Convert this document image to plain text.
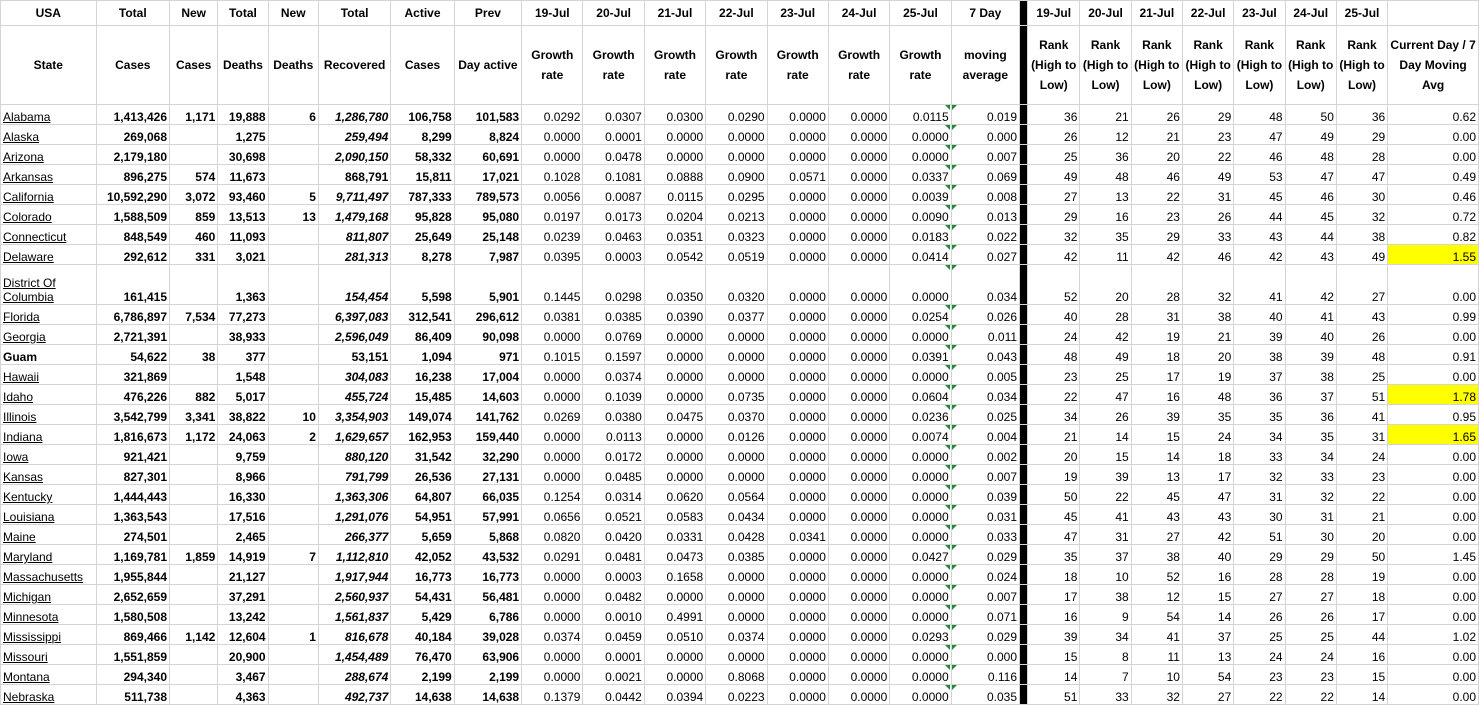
USA	Total	New	Total	New	Total	Active	Prev	19-Jul	20-Jul	21-Jul	22-Jul	23-Jul	24-Jul	25-Jul	7 Day		19-Jul	20-Jul	21-Jul	22-Jul	23-Jul	24-Jul	25-Jul	
State	Cases	Cases	Deaths	Deaths	Recovered	Cases	Day active	Growth rate	Growth rate	Growth rate	Growth rate	Growth rate	Growth rate	Growth rate	moving average		Rank (High to Low)	Rank (High to Low)	Rank (High to Low)	Rank (High to Low)	Rank (High to Low)	Rank (High to Low)	Rank (High to Low)	Current Day / 7 Day Moving Avg
Alabama	1,413,426	1,171	19,888	6	1,286,780	106,758	101,583	0.0292	0.0307	0.0300	0.0290	0.0000	0.0000	0.0115	0.019		36	21	26	29	48	50	36	0.62
Alaska	269,068		1,275		259,494	8,299	8,824	0.0000	0.0001	0.0000	0.0000	0.0000	0.0000	0.0000	0.000		26	12	21	23	47	49	29	0.00
Arizona	2,179,180		30,698		2,090,150	58,332	60,691	0.0000	0.0478	0.0000	0.0000	0.0000	0.0000	0.0000	0.007		25	36	20	22	46	48	28	0.00
Arkansas	896,275	574	11,673		868,791	15,811	17,021	0.1028	0.1081	0.0888	0.0900	0.0571	0.0000	0.0337	0.069		49	48	46	49	53	47	47	0.49
California	10,592,290	3,072	93,460	5	9,711,497	787,333	789,573	0.0056	0.0087	0.0115	0.0295	0.0000	0.0000	0.0039	0.008		27	13	22	31	45	46	30	0.46
Colorado	1,588,509	859	13,513	13	1,479,168	95,828	95,080	0.0197	0.0173	0.0204	0.0213	0.0000	0.0000	0.0090	0.013		29	16	23	26	44	45	32	0.72
Connecticut	848,549	460	11,093		811,807	25,649	25,148	0.0239	0.0463	0.0351	0.0323	0.0000	0.0000	0.0183	0.022		32	35	29	33	43	44	38	0.82
Delaware	292,612	331	3,021		281,313	8,278	7,987	0.0395	0.0003	0.0542	0.0519	0.0000	0.0000	0.0414	0.027		42	11	42	46	42	43	49	1.55
District Of Columbia	161,415		1,363		154,454	5,598	5,901	0.1445	0.0298	0.0350	0.0320	0.0000	0.0000	0.0000	0.034		52	20	28	32	41	42	27	0.00
Florida	6,786,897	7,534	77,273		6,397,083	312,541	296,612	0.0381	0.0385	0.0390	0.0377	0.0000	0.0000	0.0254	0.026		40	28	31	38	40	41	43	0.99
Georgia	2,721,391		38,933		2,596,049	86,409	90,098	0.0000	0.0769	0.0000	0.0000	0.0000	0.0000	0.0000	0.011		24	42	19	21	39	40	26	0.00
Guam	54,622	38	377		53,151	1,094	971	0.1015	0.1597	0.0000	0.0000	0.0000	0.0000	0.0391	0.043		48	49	18	20	38	39	48	0.91
Hawaii	321,869		1,548		304,083	16,238	17,004	0.0000	0.0374	0.0000	0.0000	0.0000	0.0000	0.0000	0.005		23	25	17	19	37	38	25	0.00
Idaho	476,226	882	5,017		455,724	15,485	14,603	0.0000	0.1039	0.0000	0.0735	0.0000	0.0000	0.0604	0.034		22	47	16	48	36	37	51	1.78
Illinois	3,542,799	3,341	38,822	10	3,354,903	149,074	141,762	0.0269	0.0380	0.0475	0.0370	0.0000	0.0000	0.0236	0.025		34	26	39	35	35	36	41	0.95
Indiana	1,816,673	1,172	24,063	2	1,629,657	162,953	159,440	0.0000	0.0113	0.0000	0.0126	0.0000	0.0000	0.0074	0.004		21	14	15	24	34	35	31	1.65
Iowa	921,421		9,759		880,120	31,542	32,290	0.0000	0.0172	0.0000	0.0000	0.0000	0.0000	0.0000	0.002		20	15	14	18	33	34	24	0.00
Kansas	827,301		8,966		791,799	26,536	27,131	0.0000	0.0485	0.0000	0.0000	0.0000	0.0000	0.0000	0.007		19	39	13	17	32	33	23	0.00
Kentucky	1,444,443		16,330		1,363,306	64,807	66,035	0.1254	0.0314	0.0620	0.0564	0.0000	0.0000	0.0000	0.039		50	22	45	47	31	32	22	0.00
Louisiana	1,363,543		17,516		1,291,076	54,951	57,991	0.0656	0.0521	0.0583	0.0434	0.0000	0.0000	0.0000	0.031		45	41	43	43	30	31	21	0.00
Maine	274,501		2,465		266,377	5,659	5,868	0.0820	0.0420	0.0331	0.0428	0.0341	0.0000	0.0000	0.033		47	31	27	42	51	30	20	0.00
Maryland	1,169,781	1,859	14,919	7	1,112,810	42,052	43,532	0.0291	0.0481	0.0473	0.0385	0.0000	0.0000	0.0427	0.029		35	37	38	40	29	29	50	1.45
Massachusetts	1,955,844		21,127		1,917,944	16,773	16,773	0.0000	0.0003	0.1658	0.0000	0.0000	0.0000	0.0000	0.024		18	10	52	16	28	28	19	0.00
Michigan	2,652,659		37,291		2,560,937	54,431	56,481	0.0000	0.0482	0.0000	0.0000	0.0000	0.0000	0.0000	0.007		17	38	12	15	27	27	18	0.00
Minnesota	1,580,508		13,242		1,561,837	5,429	6,786	0.0000	0.0010	0.4991	0.0000	0.0000	0.0000	0.0000	0.071		16	9	54	14	26	26	17	0.00
Mississippi	869,466	1,142	12,604	1	816,678	40,184	39,028	0.0374	0.0459	0.0510	0.0374	0.0000	0.0000	0.0293	0.029		39	34	41	37	25	25	44	1.02
Missouri	1,551,859		20,900		1,454,489	76,470	63,906	0.0000	0.0001	0.0000	0.0000	0.0000	0.0000	0.0000	0.000		15	8	11	13	24	24	16	0.00
Montana	294,340		3,467		288,674	2,199	2,199	0.0000	0.0021	0.0000	0.8068	0.0000	0.0000	0.0000	0.116		14	7	10	54	23	23	15	0.00
Nebraska	511,738		4,363		492,737	14,638	14,638	0.1379	0.0442	0.0394	0.0223	0.0000	0.0000	0.0000	0.035		51	33	32	27	22	22	14	0.00
